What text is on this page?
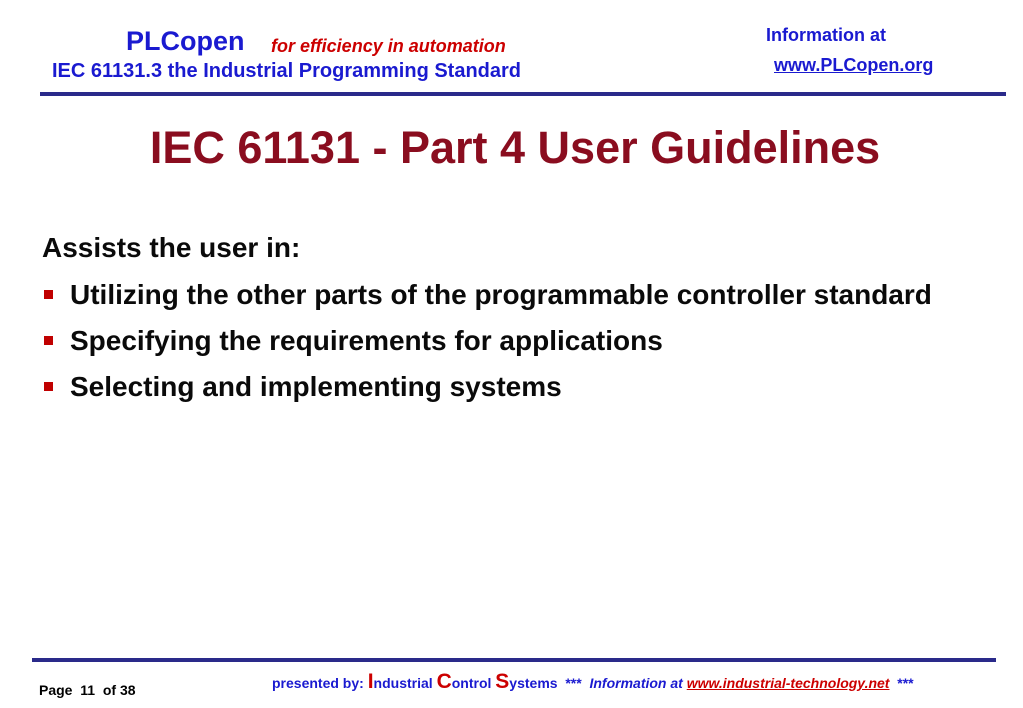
PLCopen for efficiency in automation
IEC 61131.3 the Industrial Programming Standard
Information at
www.PLCopen.org
IEC 61131 - Part 4 User Guidelines
Assists the user in:
Utilizing the other parts of the programmable controller standard
Specifying the requirements for applications
Selecting and implementing systems
Page 11 of 38	presented by: Industrial Control Systems *** Information at www.industrial-technology.net ***
